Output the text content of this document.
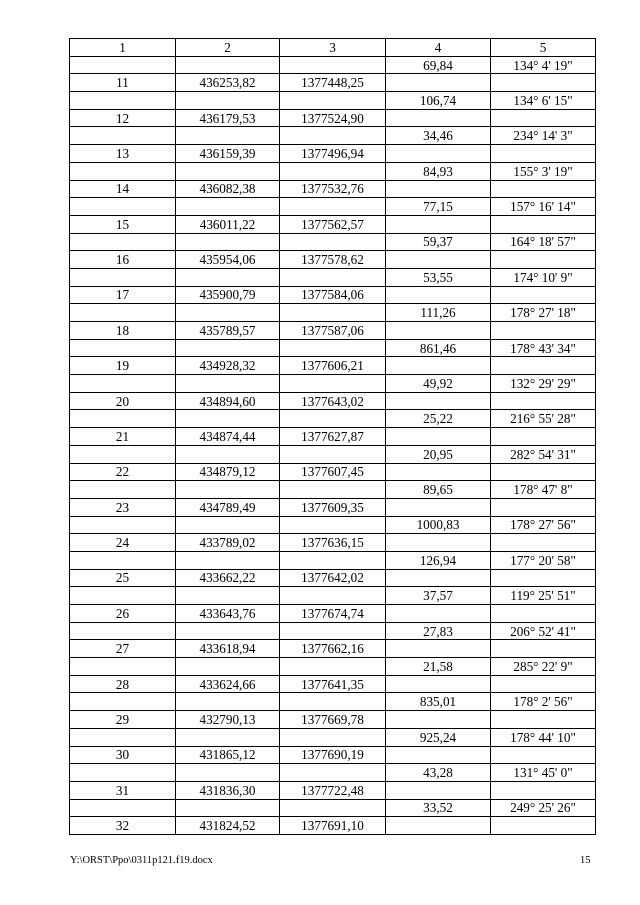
1	2	3	4	5
			69,84	134° 4' 19"
11	436253,82	1377448,25		
			106,74	134° 6' 15"
12	436179,53	1377524,90		
			34,46	234° 14' 3"
13	436159,39	1377496,94		
			84,93	155° 3' 19"
14	436082,38	1377532,76		
			77,15	157° 16' 14"
15	436011,22	1377562,57		
			59,37	164° 18' 57"
16	435954,06	1377578,62		
			53,55	174° 10' 9"
17	435900,79	1377584,06		
			111,26	178° 27' 18"
18	435789,57	1377587,06		
			861,46	178° 43' 34"
19	434928,32	1377606,21		
			49,92	132° 29' 29"
20	434894,60	1377643,02		
			25,22	216° 55' 28"
21	434874,44	1377627,87		
			20,95	282° 54' 31"
22	434879,12	1377607,45		
			89,65	178° 47' 8"
23	434789,49	1377609,35		
			1000,83	178° 27' 56"
24	433789,02	1377636,15		
			126,94	177° 20' 58"
25	433662,22	1377642,02		
			37,57	119° 25' 51"
26	433643,76	1377674,74		
			27,83	206° 52' 41"
27	433618,94	1377662,16		
			21,58	285° 22' 9"
28	433624,66	1377641,35		
			835,01	178° 2' 56"
29	432790,13	1377669,78		
			925,24	178° 44' 10"
30	431865,12	1377690,19		
			43,28	131° 45' 0"
31	431836,30	1377722,48		
			33,52	249° 25' 26"
32	431824,52	1377691,10		
Y:\ORST\Ppo\0311p121.f19.docx	15
